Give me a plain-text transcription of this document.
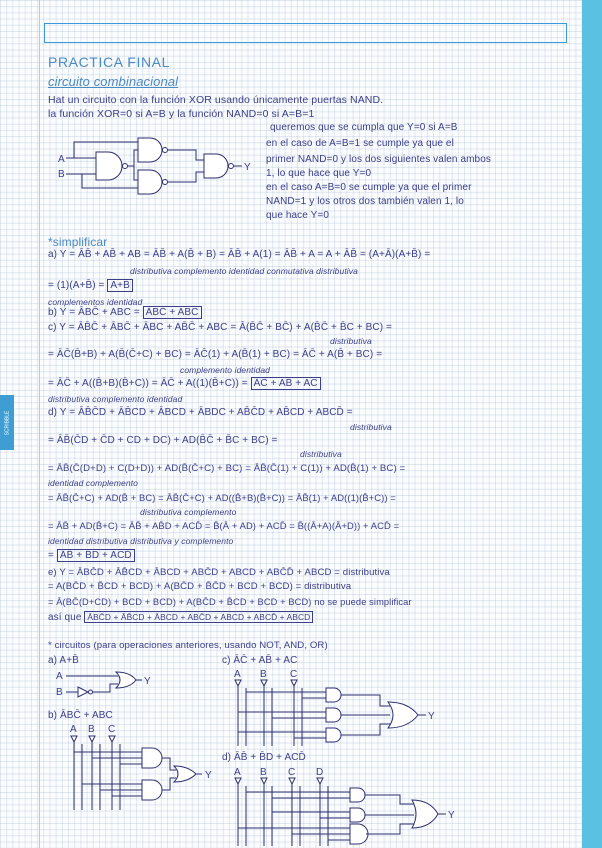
SCRIBBLE
PRACTICA FINAL
circuito combinacional
Hat un circuito con la función XOR usando únicamente puertas NAND.
la función XOR=0 si A=B y la función NAND=0 si A=B=1
queremos que se cumpla que Y=0 si A=B
en el caso de A=B=1 se cumple ya que el
primer NAND=0 y los dos siguientes valen ambos
1, lo que hace que Y=0
en el caso A=B=0 se cumple ya que el primer
NAND=1 y los otros dos también valen 1, lo
que hace Y=0
A
B
Y
*simplificar
a) Y = ĀB̄ + AB̄ + AB = ĀB̄ + A(B̄ + B) = ĀB̄ + A(1) = ĀB̄ + A = A + ĀB̄ = (A+Ā)(A+B̄) =
distributiva complemento identidad conmutativa distributiva
= (1)(A+B̄) = A+B̄
complementos identidad
b) Y = ĀBC̄ + ABC = ĀBC̄ + ABC
c) Y = ĀB̄C̄ + ĀBC̄ + ĀBC + AB̄C̄ + ABC = Ā(B̄C̄ + BC̄) + A(B̄C̄ + B̄C + BC) =
distributiva
= ĀC̄(B̄+B) + A(B̄(C̄+C) + BC) = ĀC̄(1) + A(B̄(1) + BC) = ĀC̄ + A(B̄ + BC) =
complemento identidad
= ĀC̄ + A((B̄+B)(B̄+C)) = ĀC̄ + A((1)(B̄+C)) = ĀC̄ + AB̄ + AC
distributiva complemento identidad
d) Y = ĀB̄C̄D + ĀB̄CD + ĀBCD + ĀBDC + AB̄C̄D + AB̄CD + ABCD̄ =
distributiva
= ĀB̄(C̄D + C̄D + CD + DC) + AD(B̄C̄ + B̄C + BC) =
distributiva
= ĀB̄(C̄(D+D) + C(D+D)) + AD(B̄(C̄+C) + BC) = ĀB̄(C̄(1) + C(1)) + AD(B̄(1) + BC) =
identidad complemento
= ĀB̄(C̄+C) + AD(B̄ + BC) = ĀB̄(C̄+C) + AD((B̄+B)(B̄+C)) = ĀB̄(1) + AD((1)(B̄+C)) =
distributiva complemento
= ĀB̄ + AD(B̄+C) = ĀB̄ + AB̄D + ACD̄ = B̄(Ā + AD) + ACD̄ = B̄((Ā+A)(Ā+D)) + ACD̄ =
identidad distributiva distributiva y complemento
= ĀB̄ + B̄D + ACD̄
e) Y = ĀBC̄D + ĀB̄CD + ĀBCD + ABC̄D + ABCD + ABC̄D̄ + ABCD = distributiva
= A(BC̄D + B̄CD + BCD) + A(BC̄D + B̄C̄D + BCD + BCD) = distributiva
= Ā(BC̄(D+CD) + BCD + BCD) + A(BC̄D + B̄CD + BCD + BCD) no se puede simplificar
así que ĀBC̄D + ĀB̄CD + ĀBCD + ABC̄D + ABCD + ABCD̄ + ABCD
* circuitos (para operaciones anteriores, usando NOT, AND, OR)
a) A+B̄
A
B
Y
b) ĀBC̄ + ABC
A B C
Y
c) ĀC̄ + AB̄ + AC
A B C
Y
d) ĀB̄ + B̄D + ACD̄
A B C D
Y
